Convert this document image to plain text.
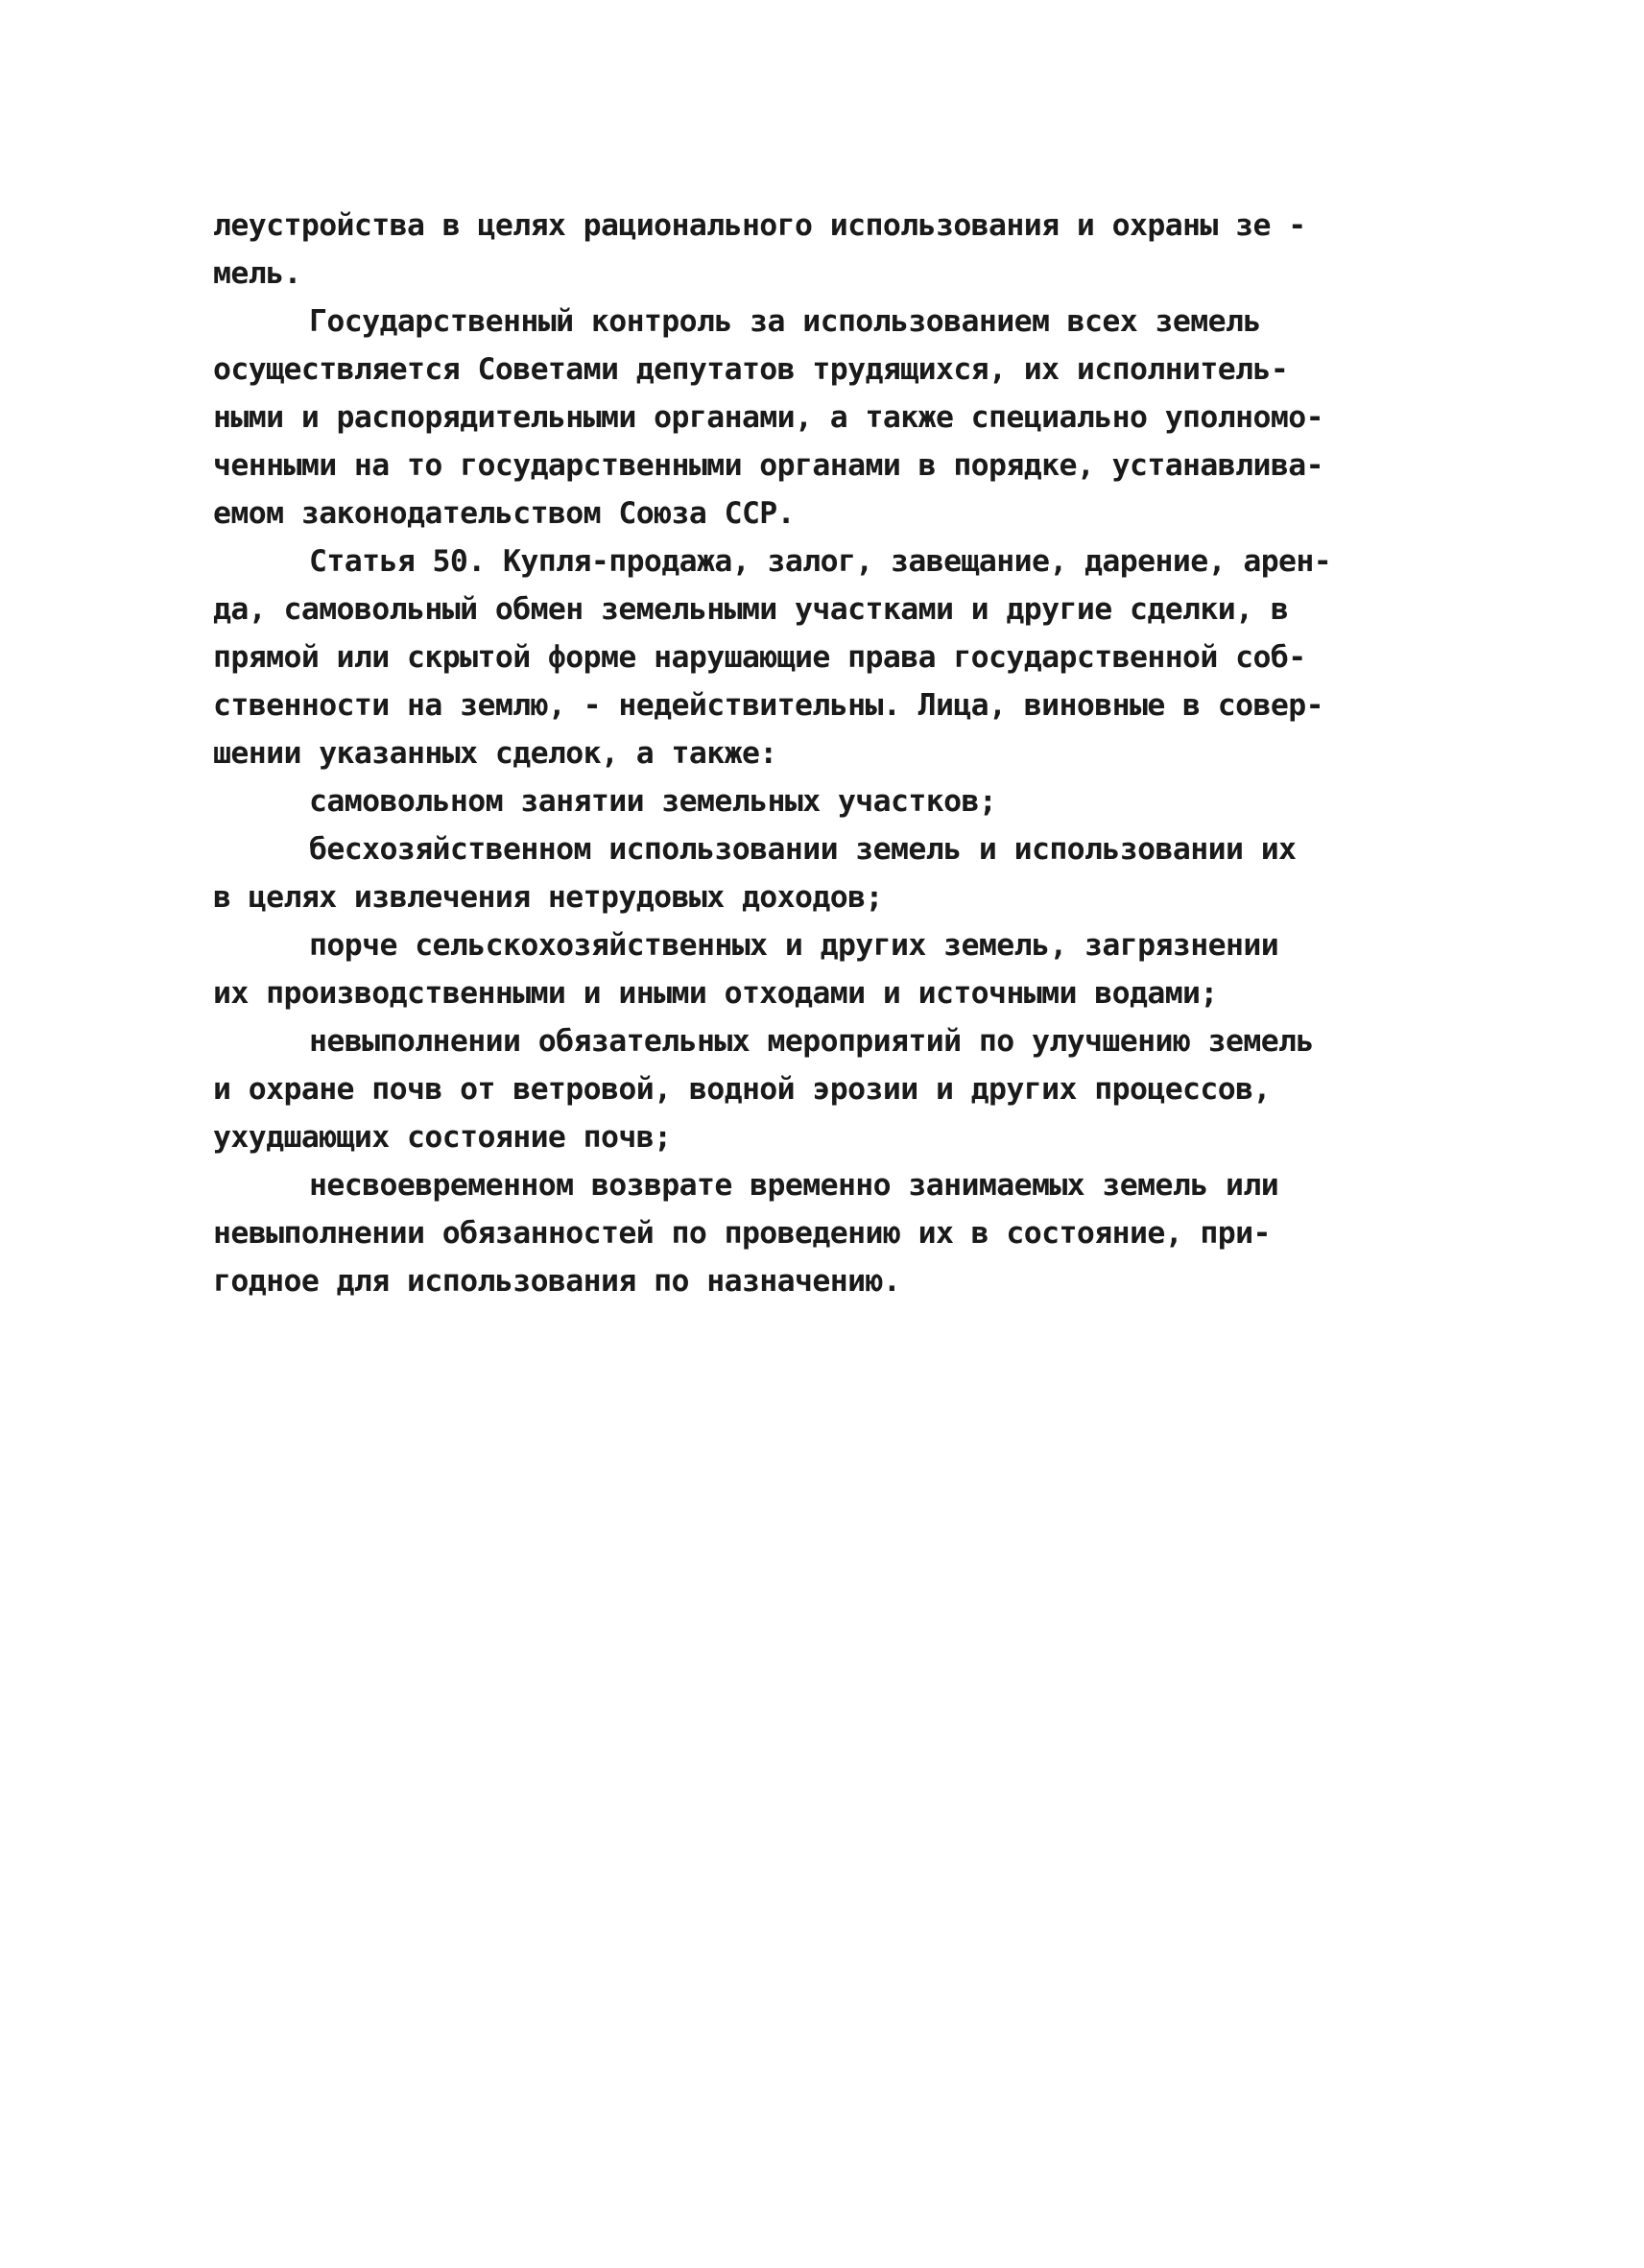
леустройства в целях рационального использования и охраны зе -
мель.
Государственный контроль за использованием всех земель
осуществляется Советами депутатов трудящихся, их исполнитель-
ными и распорядительными органами, а также специально уполномо-
ченными на то государственными органами в порядке, устанавлива-
емом законодательством Союза ССР.
Статья 50. Купля-продажа, залог, завещание, дарение, арен-
да, самовольный обмен земельными участками и другие сделки, в
прямой или скрытой форме нарушающие права государственной соб-
ственности на землю, - недействительны. Лица, виновные в совер-
шении указанных сделок, а также:
самовольном занятии земельных участков;
бесхозяйственном использовании земель и использовании их
в целях извлечения нетрудовых доходов;
порче сельскохозяйственных и других земель, загрязнении
их производственными и иными отходами и источными водами;
невыполнении обязательных мероприятий по улучшению земель
и охране почв от ветровой, водной эрозии и других процессов,
ухудшающих состояние почв;
несвоевременном возврате временно занимаемых земель или
невыполнении обязанностей по проведению их в состояние, при-
годное для использования по назначению.
